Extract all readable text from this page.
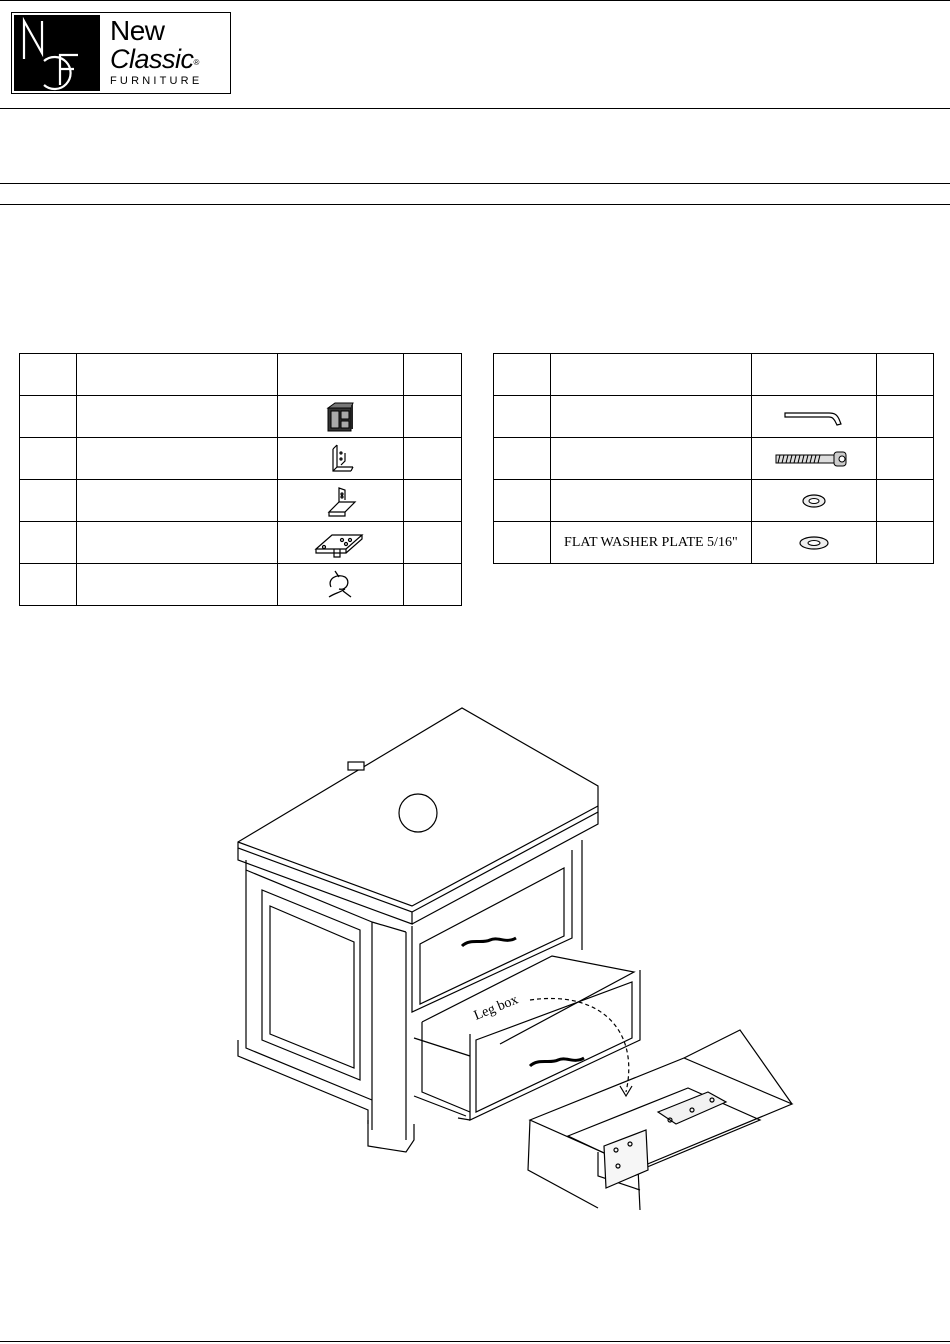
New
Classic®
FURNITURE

	FLAT WASHER PLATE 5/16"	

Leg box
